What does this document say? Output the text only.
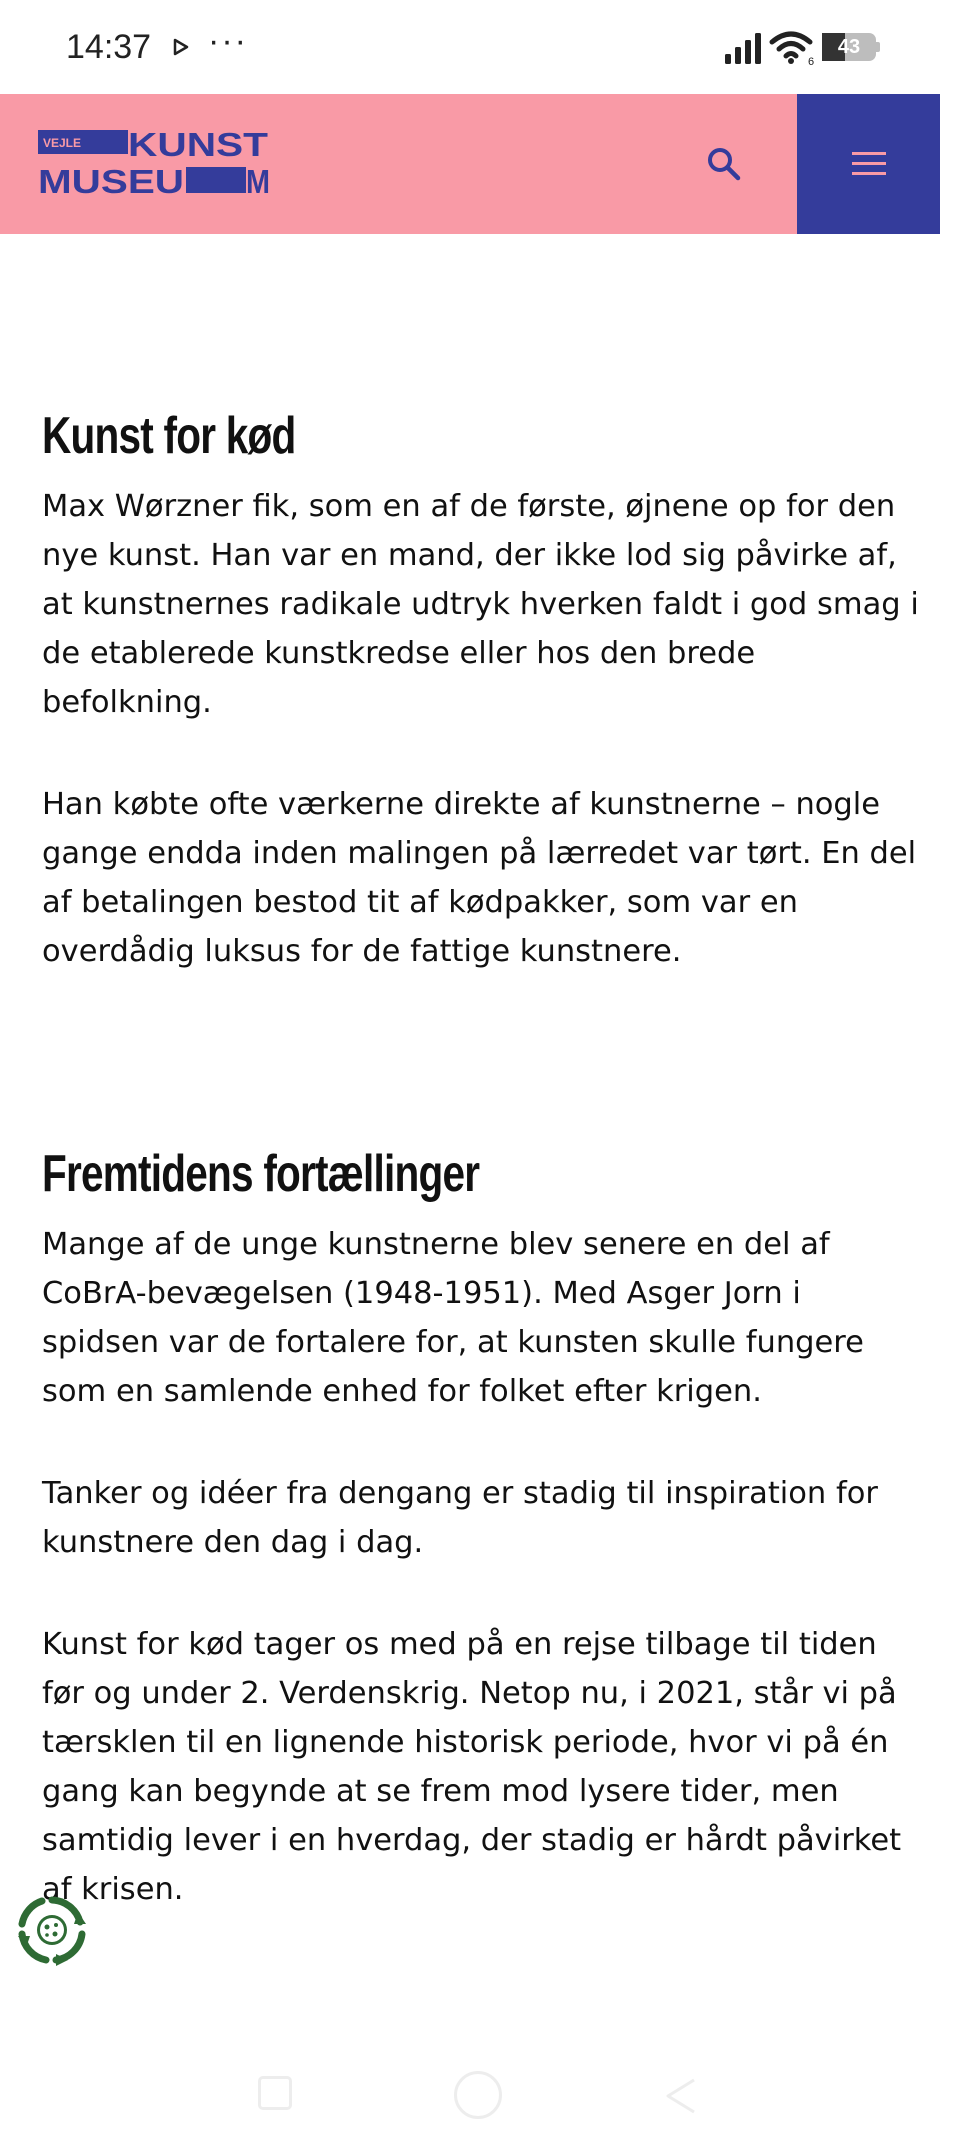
14:37 ···
6
43
VEJLE KUNST
MUSEU M
Kunst for kød

Max Wørzner fik, som en af de første, øjnene op for den nye kunst. Han var en mand, der ikke lod sig påvirke af, at kunstnernes radikale udtryk hverken faldt i god smag i de etablerede kunstkredse eller hos den brede befolkning.

Han købte ofte værkerne direkte af kunstnerne – nogle gange endda inden malingen på lærredet var tørt. En del af betalingen bestod tit af kødpakker, som var en overdådig luksus for de fattige kunstnere.

Fremtidens fortællinger

Mange af de unge kunstnerne blev senere en del af CoBrA-bevægelsen (1948-1951). Med Asger Jorn i spidsen var de fortalere for, at kunsten skulle fungere som en samlende enhed for folket efter krigen.

Tanker og idéer fra dengang er stadig til inspiration for kunstnere den dag i dag.

Kunst for kød tager os med på en rejse tilbage til tiden før og under 2. Verdenskrig. Netop nu, i 2021, står vi på tærsklen til en lignende historisk periode, hvor vi på én gang kan begynde at se frem mod lysere tider, men samtidig lever i en hverdag, der stadig er hårdt påvirket af krisen.
